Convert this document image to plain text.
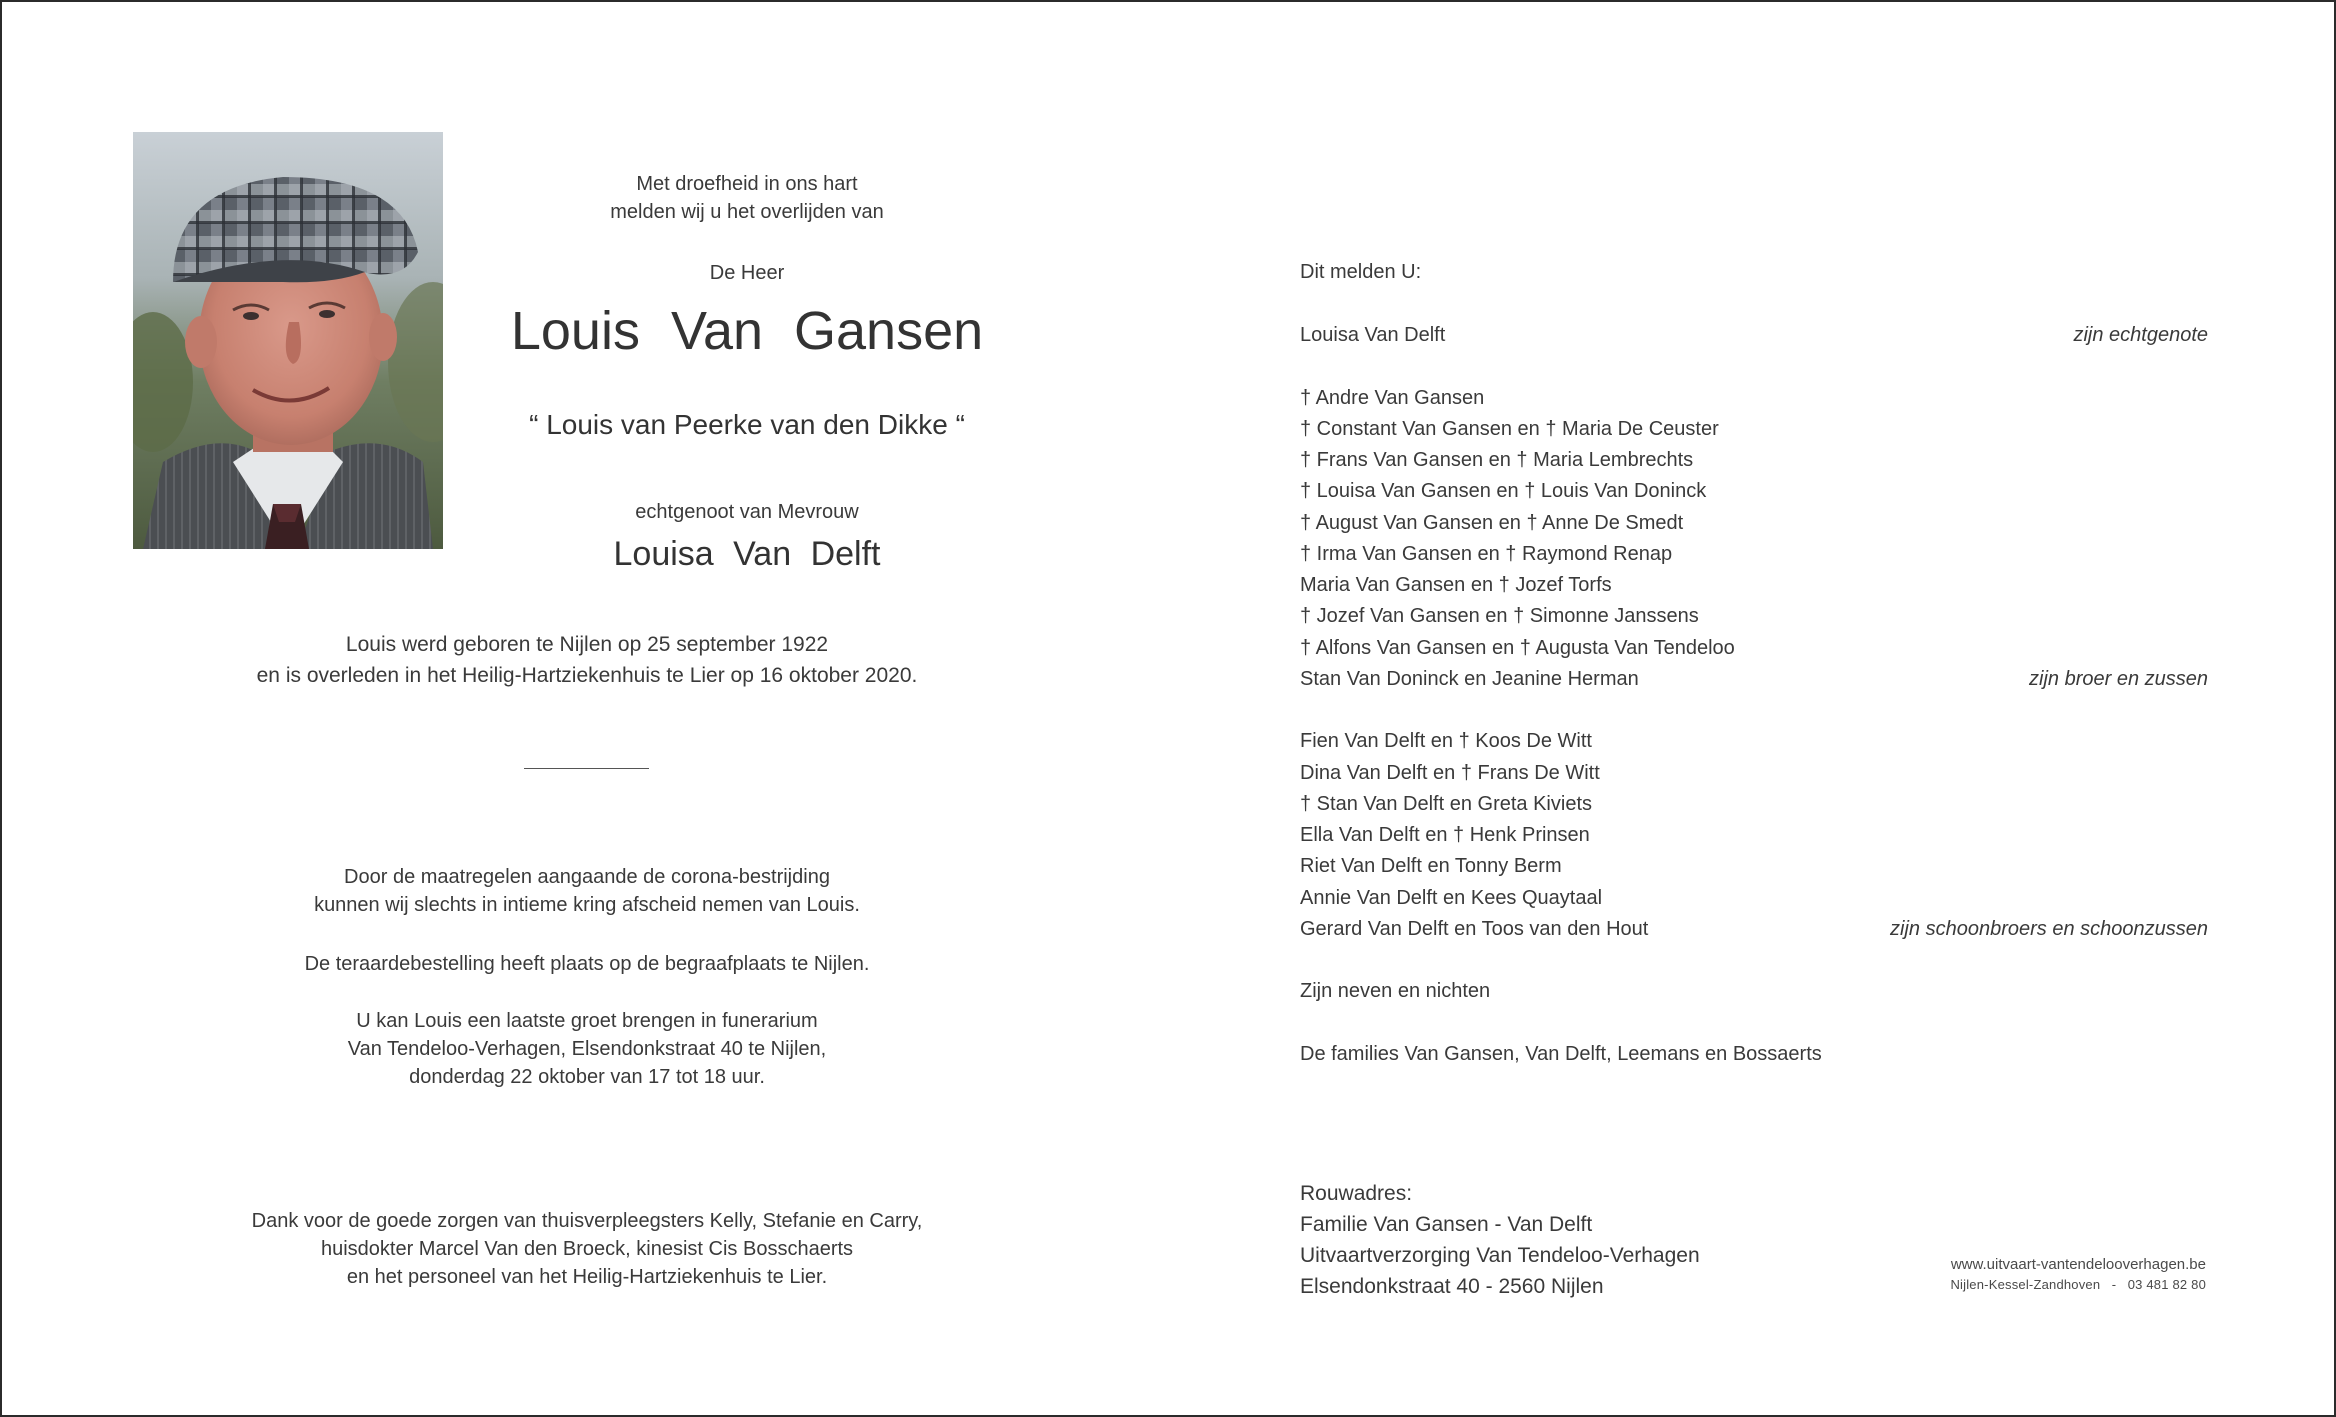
Met droefheid in ons hart
melden wij u het overlijden van
De Heer
Louis Van Gansen
“ Louis van Peerke van den Dikke “
echtgenoot van Mevrouw
Louisa Van Delft
Louis werd geboren te Nijlen op 25 september 1922
en is overleden in het Heilig-Hartziekenhuis te Lier op 16 oktober 2020.
Door de maatregelen aangaande de corona-bestrijding
kunnen wij slechts in intieme kring afscheid nemen van Louis.
De teraardebestelling heeft plaats op de begraafplaats te Nijlen.
U kan Louis een laatste groet brengen in funerarium
Van Tendeloo-Verhagen, Elsendonkstraat 40 te Nijlen,
donderdag 22 oktober van 17 tot 18 uur.
Dank voor de goede zorgen van thuisverpleegsters Kelly, Stefanie en Carry,
huisdokter Marcel Van den Broeck, kinesist Cis Bosschaerts
en het personeel van het Heilig-Hartziekenhuis te Lier.
Dit melden U:
Louisa Van Delft	zijn echtgenote
† Andre Van Gansen
† Constant Van Gansen en † Maria De Ceuster
† Frans Van Gansen en † Maria Lembrechts
† Louisa Van Gansen en † Louis Van Doninck
† August Van Gansen en † Anne De Smedt
† Irma Van Gansen en † Raymond Renap
Maria Van Gansen en † Jozef Torfs
† Jozef Van Gansen en † Simonne Janssens
† Alfons Van Gansen en † Augusta Van Tendeloo
Stan Van Doninck en Jeanine Herman	zijn broer en zussen
Fien Van Delft en † Koos De Witt
Dina Van Delft en † Frans De Witt
† Stan Van Delft en Greta Kiviets
Ella Van Delft en † Henk Prinsen
Riet Van Delft en Tonny Berm
Annie Van Delft en Kees Quaytaal
Gerard Van Delft en Toos van den Hout	zijn schoonbroers en schoonzussen
Zijn neven en nichten
De families Van Gansen, Van Delft, Leemans en Bossaerts
Rouwadres:
Familie Van Gansen - Van Delft
Uitvaartverzorging Van Tendeloo-Verhagen
Elsendonkstraat 40 - 2560 Nijlen
www.uitvaart-vantendelooverhagen.be
Nijlen-Kessel-Zandhoven   -   03 481 82 80
